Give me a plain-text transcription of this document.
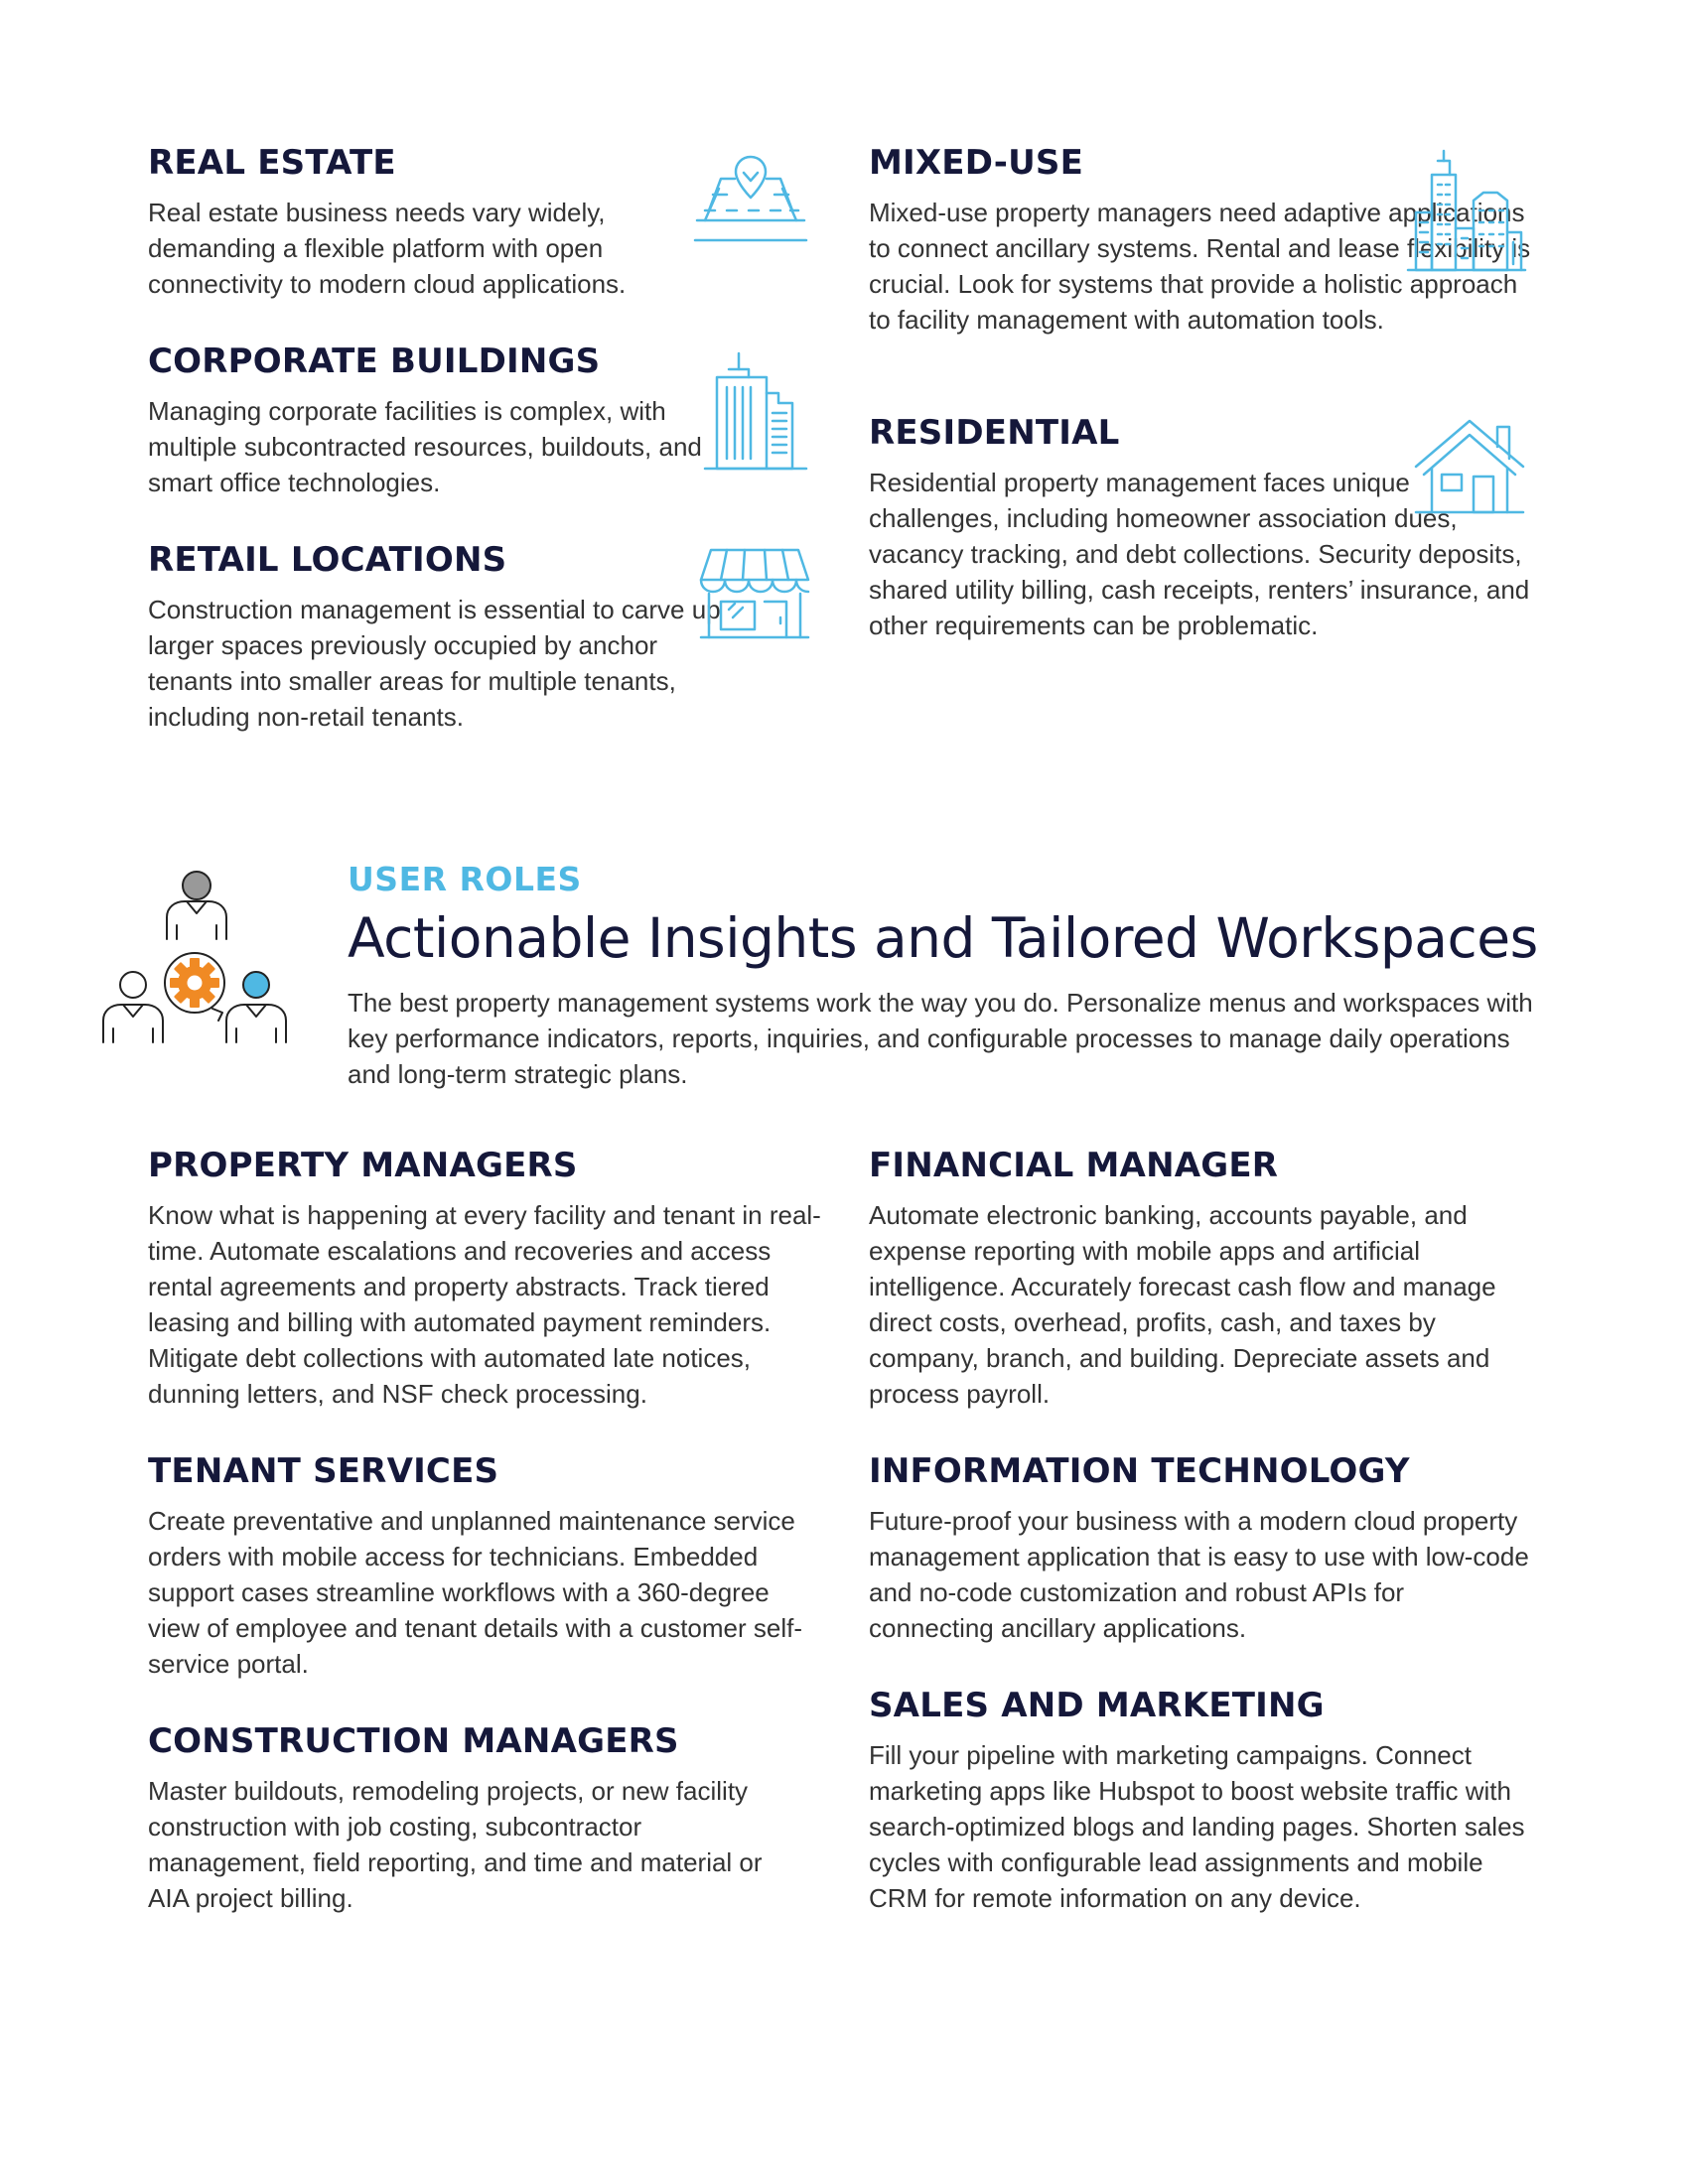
REAL ESTATE
Real estate business needs vary widely, demanding a flexible platform with open connectivity to modern cloud applications.
CORPORATE BUILDINGS
Managing corporate facilities is complex, with multiple subcontracted resources, buildouts, and smart office technologies.
RETAIL LOCATIONS
Construction management is essential to carve up larger spaces previously occupied by anchor tenants into smaller areas for multiple tenants, including non-retail tenants.
MIXED-USE
Mixed-use property managers need adaptive applications to connect ancillary systems. Rental and lease flexibility is crucial. Look for systems that provide a holistic approach to facility management with automation tools.
RESIDENTIAL
Residential property management faces unique challenges, including homeowner association dues, vacancy tracking, and debt collections. Security deposits, shared utility billing, cash receipts, renters’ insurance, and other requirements can be problematic.
USER ROLES
Actionable Insights and Tailored Workspaces
The best property management systems work the way you do. Personalize menus and workspaces with key performance indicators, reports, inquiries, and configurable processes to manage daily operations and long-term strategic plans.
PROPERTY MANAGERS
Know what is happening at every facility and tenant in real-time. Automate escalations and recoveries and access rental agreements and property abstracts. Track tiered leasing and billing with automated payment reminders. Mitigate debt collections with automated late notices, dunning letters, and NSF check processing.
TENANT SERVICES
Create preventative and unplanned maintenance service orders with mobile access for technicians. Embedded support cases streamline workflows with a 360-degree view of employee and tenant details with a customer self-service portal.
CONSTRUCTION MANAGERS
Master buildouts, remodeling projects, or new facility construction with job costing, subcontractor management, field reporting, and time and material or AIA project billing.
FINANCIAL MANAGER
Automate electronic banking, accounts payable, and expense reporting with mobile apps and artificial intelligence. Accurately forecast cash flow and manage direct costs, overhead, profits, cash, and taxes by company, branch, and building. Depreciate assets and process payroll.
INFORMATION TECHNOLOGY
Future-proof your business with a modern cloud property management application that is easy to use with low-code and no-code customization and robust APIs for connecting ancillary applications.
SALES AND MARKETING
Fill your pipeline with marketing campaigns. Connect marketing apps like Hubspot to boost website traffic with search-optimized blogs and landing pages. Shorten sales cycles with configurable lead assignments and mobile CRM for remote information on any device.
